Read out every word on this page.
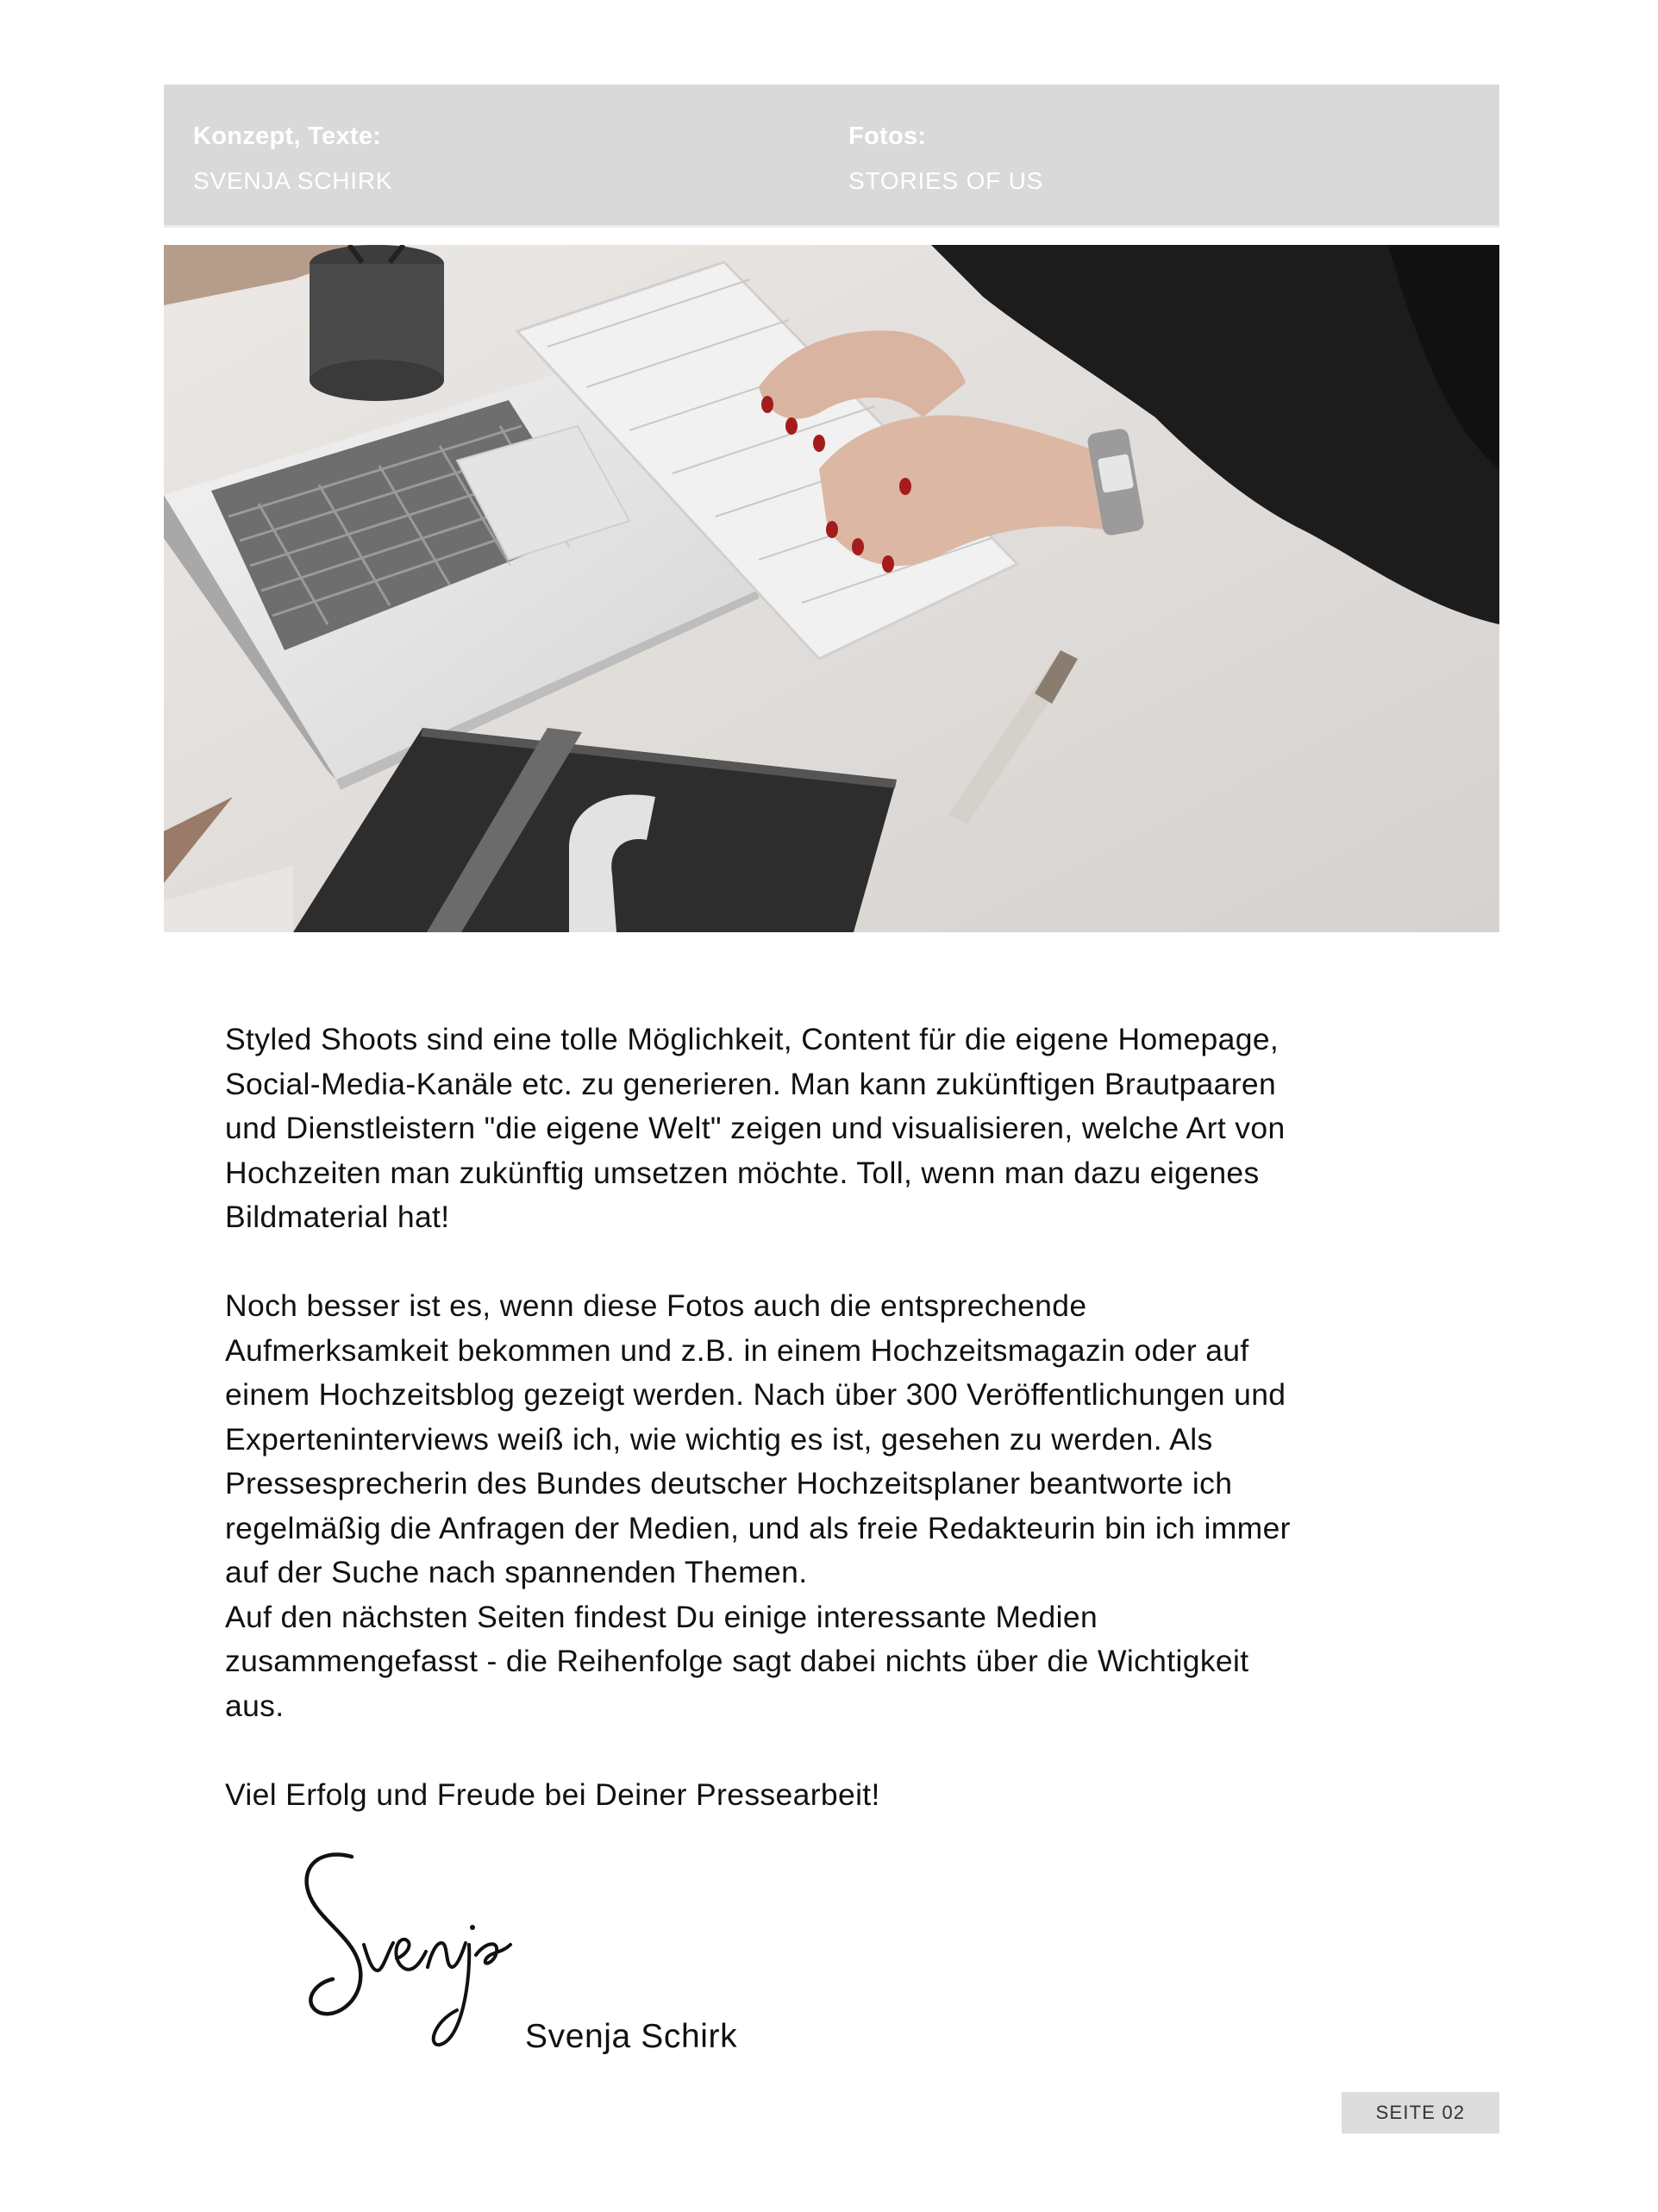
Konzept, Texte:
SVENJA SCHIRK
Fotos:
STORIES OF US

Styled Shoots sind eine tolle Möglichkeit, Content für die eigene Homepage,
Social-Media-Kanäle etc. zu generieren. Man kann zukünftigen Brautpaaren
und Dienstleistern "die eigene Welt" zeigen und visualisieren, welche Art von
Hochzeiten man zukünftig umsetzen möchte. Toll, wenn man dazu eigenes
Bildmaterial hat!

Noch besser ist es, wenn diese Fotos auch die entsprechende
Aufmerksamkeit bekommen und z.B. in einem Hochzeitsmagazin oder auf
einem Hochzeitsblog gezeigt werden. Nach über 300 Veröffentlichungen und
Experteninterviews weiß ich, wie wichtig es ist, gesehen zu werden. Als
Pressesprecherin des Bundes deutscher Hochzeitsplaner beantworte ich
regelmäßig die Anfragen der Medien, und als freie Redakteurin bin ich immer
auf der Suche nach spannenden Themen.

Auf den nächsten Seiten findest Du einige interessante Medien
zusammengefasst - die Reihenfolge sagt dabei nichts über die Wichtigkeit
aus.

Viel Erfolg und Freude bei Deiner Pressearbeit!

Svenja Schirk
SEITE 02
